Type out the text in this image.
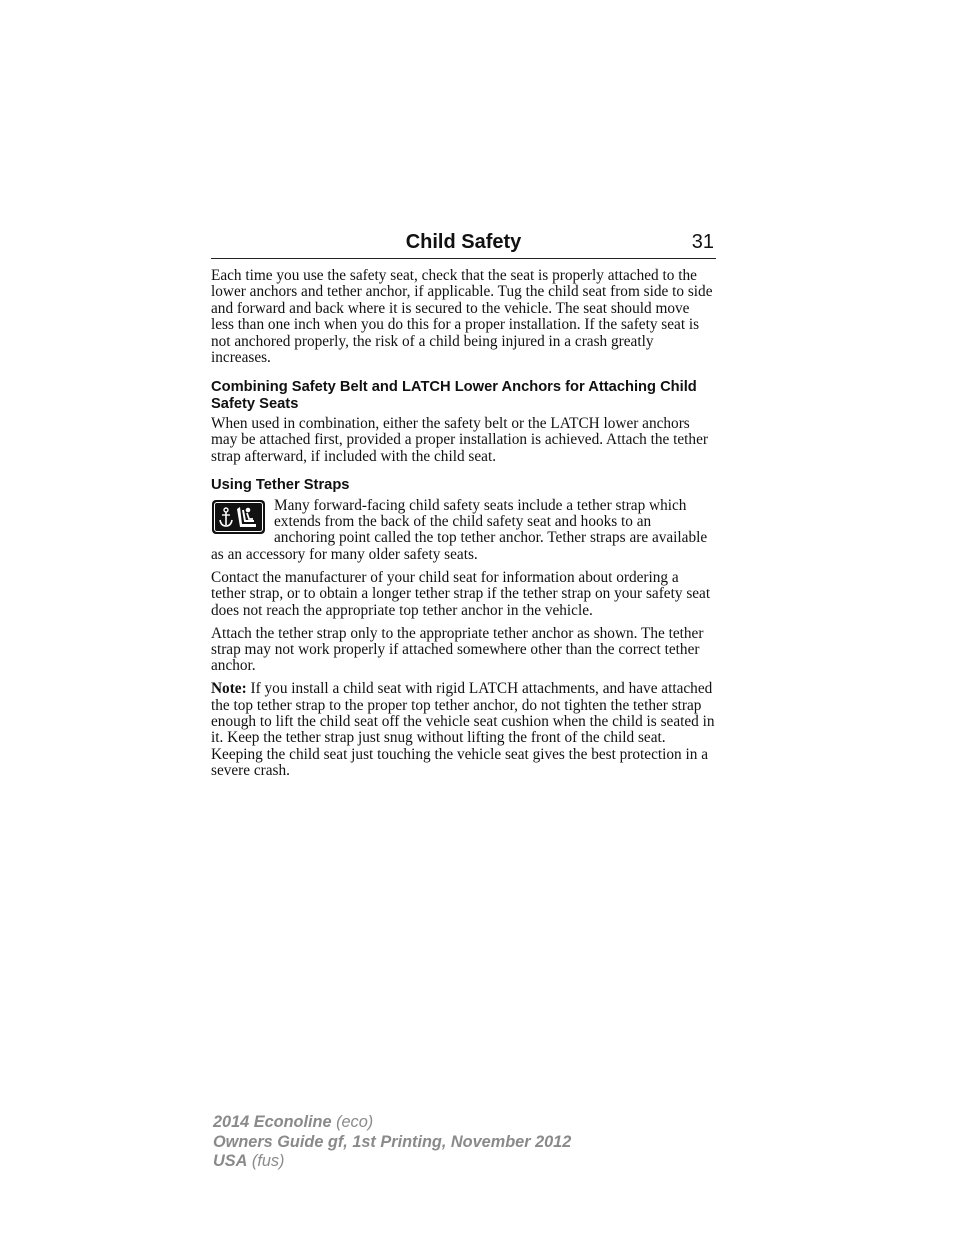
Child Safety	31

Each time you use the safety seat, check that the seat is properly attached to the lower anchors and tether anchor, if applicable. Tug the child seat from side to side and forward and back where it is secured to the vehicle. The seat should move less than one inch when you do this for a proper installation. If the safety seat is not anchored properly, the risk of a child being injured in a crash greatly increases.

Combining Safety Belt and LATCH Lower Anchors for Attaching Child Safety Seats

When used in combination, either the safety belt or the LATCH lower anchors may be attached first, provided a proper installation is achieved. Attach the tether strap afterward, if included with the child seat.

Using Tether Straps

Many forward-facing child safety seats include a tether strap which extends from the back of the child safety seat and hooks to an anchoring point called the top tether anchor. Tether straps are available as an accessory for many older safety seats.

Contact the manufacturer of your child seat for information about ordering a tether strap, or to obtain a longer tether strap if the tether strap on your safety seat does not reach the appropriate top tether anchor in the vehicle.

Attach the tether strap only to the appropriate tether anchor as shown. The tether strap may not work properly if attached somewhere other than the correct tether anchor.

Note: If you install a child seat with rigid LATCH attachments, and have attached the top tether strap to the proper top tether anchor, do not tighten the tether strap enough to lift the child seat off the vehicle seat cushion when the child is seated in it. Keep the tether strap just snug without lifting the front of the child seat. Keeping the child seat just touching the vehicle seat gives the best protection in a severe crash.

2014 Econoline (eco)
Owners Guide gf, 1st Printing, November 2012
USA (fus)
